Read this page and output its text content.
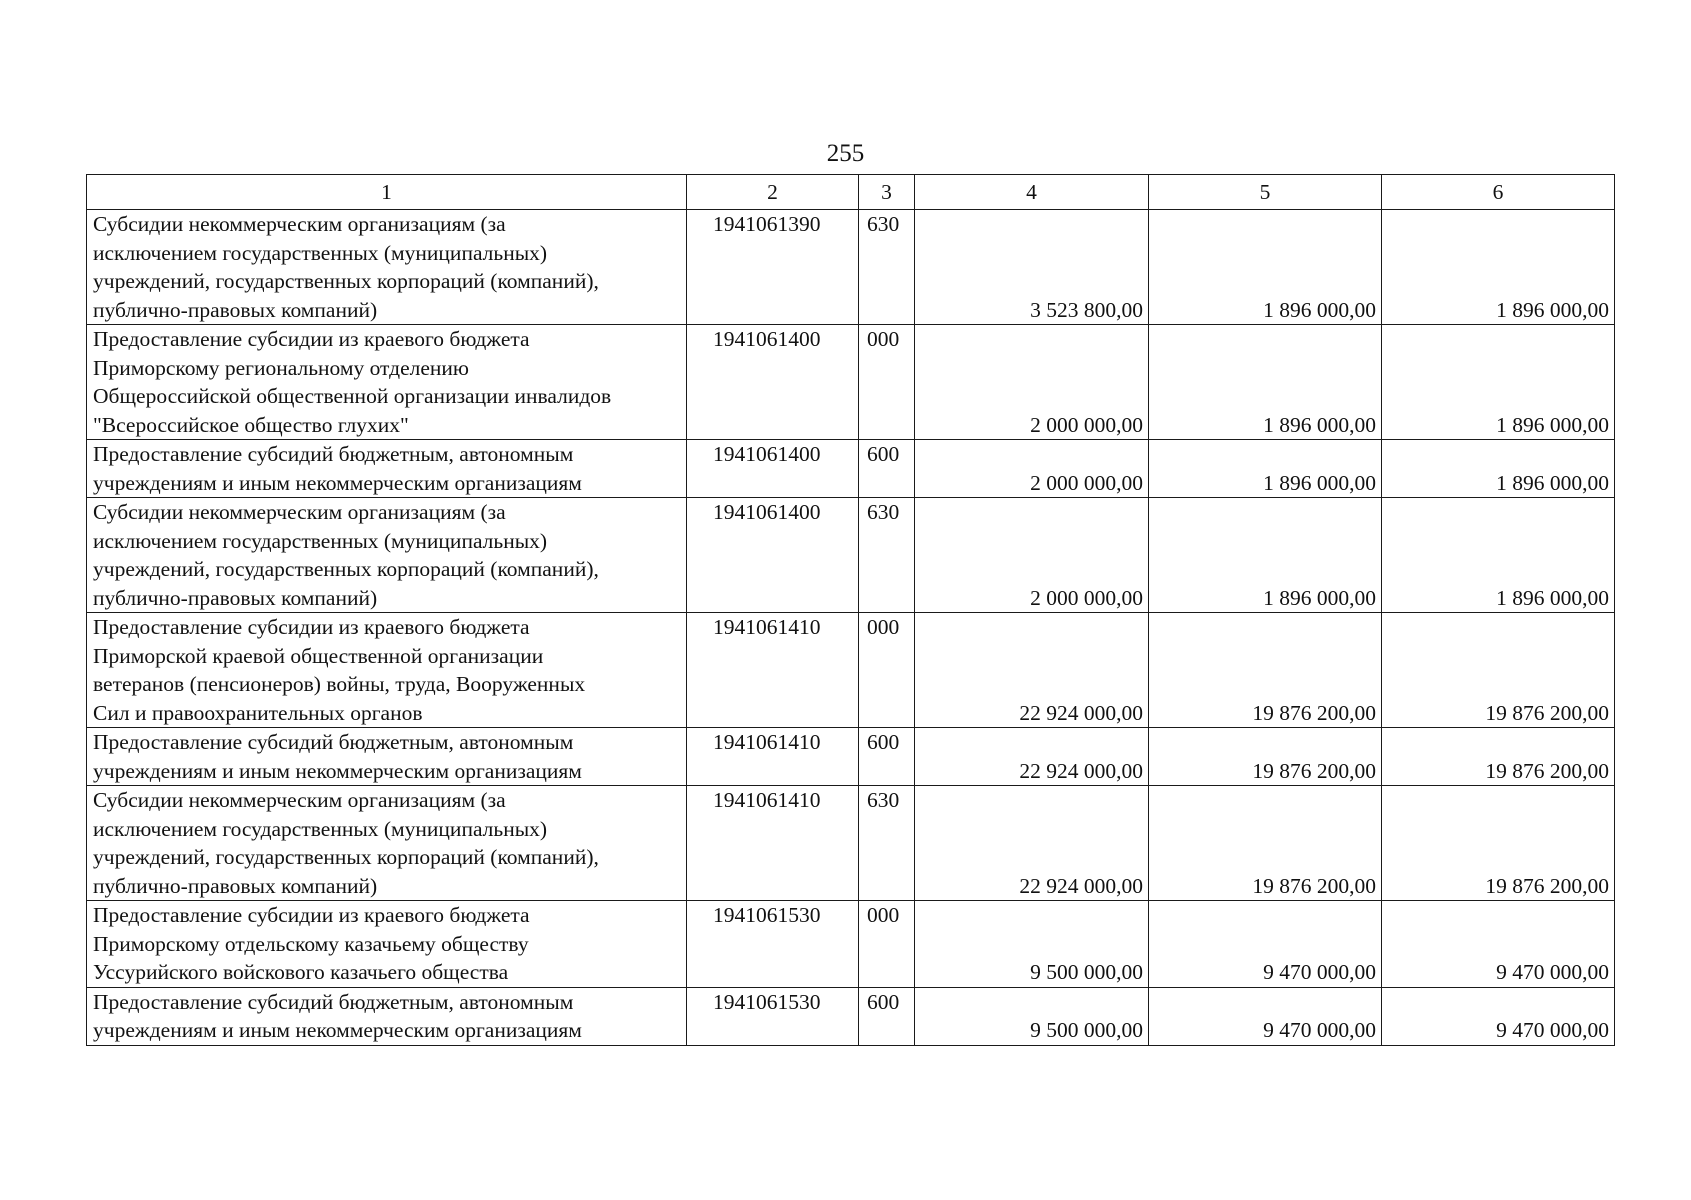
255
1	2	3	4	5	6

Субсидии некоммерческим организациям (за
исключением государственных (муниципальных)
учреждений, государственных корпораций (компаний),
публично-правовых компаний)	1941061390	630	3 523 800,00	1 896 000,00	1 896 000,00

Предоставление субсидии из краевого бюджета
Приморскому региональному отделению
Общероссийской общественной организации инвалидов
"Всероссийское общество глухих"	1941061400	000	2 000 000,00	1 896 000,00	1 896 000,00

Предоставление субсидий бюджетным, автономным
учреждениям и иным некоммерческим организациям	1941061400	600	2 000 000,00	1 896 000,00	1 896 000,00

Субсидии некоммерческим организациям (за
исключением государственных (муниципальных)
учреждений, государственных корпораций (компаний),
публично-правовых компаний)	1941061400	630	2 000 000,00	1 896 000,00	1 896 000,00

Предоставление субсидии из краевого бюджета
Приморской краевой общественной организации
ветеранов (пенсионеров) войны, труда, Вооруженных
Сил и правоохранительных органов	1941061410	000	22 924 000,00	19 876 200,00	19 876 200,00

Предоставление субсидий бюджетным, автономным
учреждениям и иным некоммерческим организациям	1941061410	600	22 924 000,00	19 876 200,00	19 876 200,00

Субсидии некоммерческим организациям (за
исключением государственных (муниципальных)
учреждений, государственных корпораций (компаний),
публично-правовых компаний)	1941061410	630	22 924 000,00	19 876 200,00	19 876 200,00

Предоставление субсидии из краевого бюджета
Приморскому отдельскому казачьему обществу
Уссурийского войскового казачьего общества	1941061530	000	9 500 000,00	9 470 000,00	9 470 000,00

Предоставление субсидий бюджетным, автономным
учреждениям и иным некоммерческим организациям	1941061530	600	9 500 000,00	9 470 000,00	9 470 000,00
